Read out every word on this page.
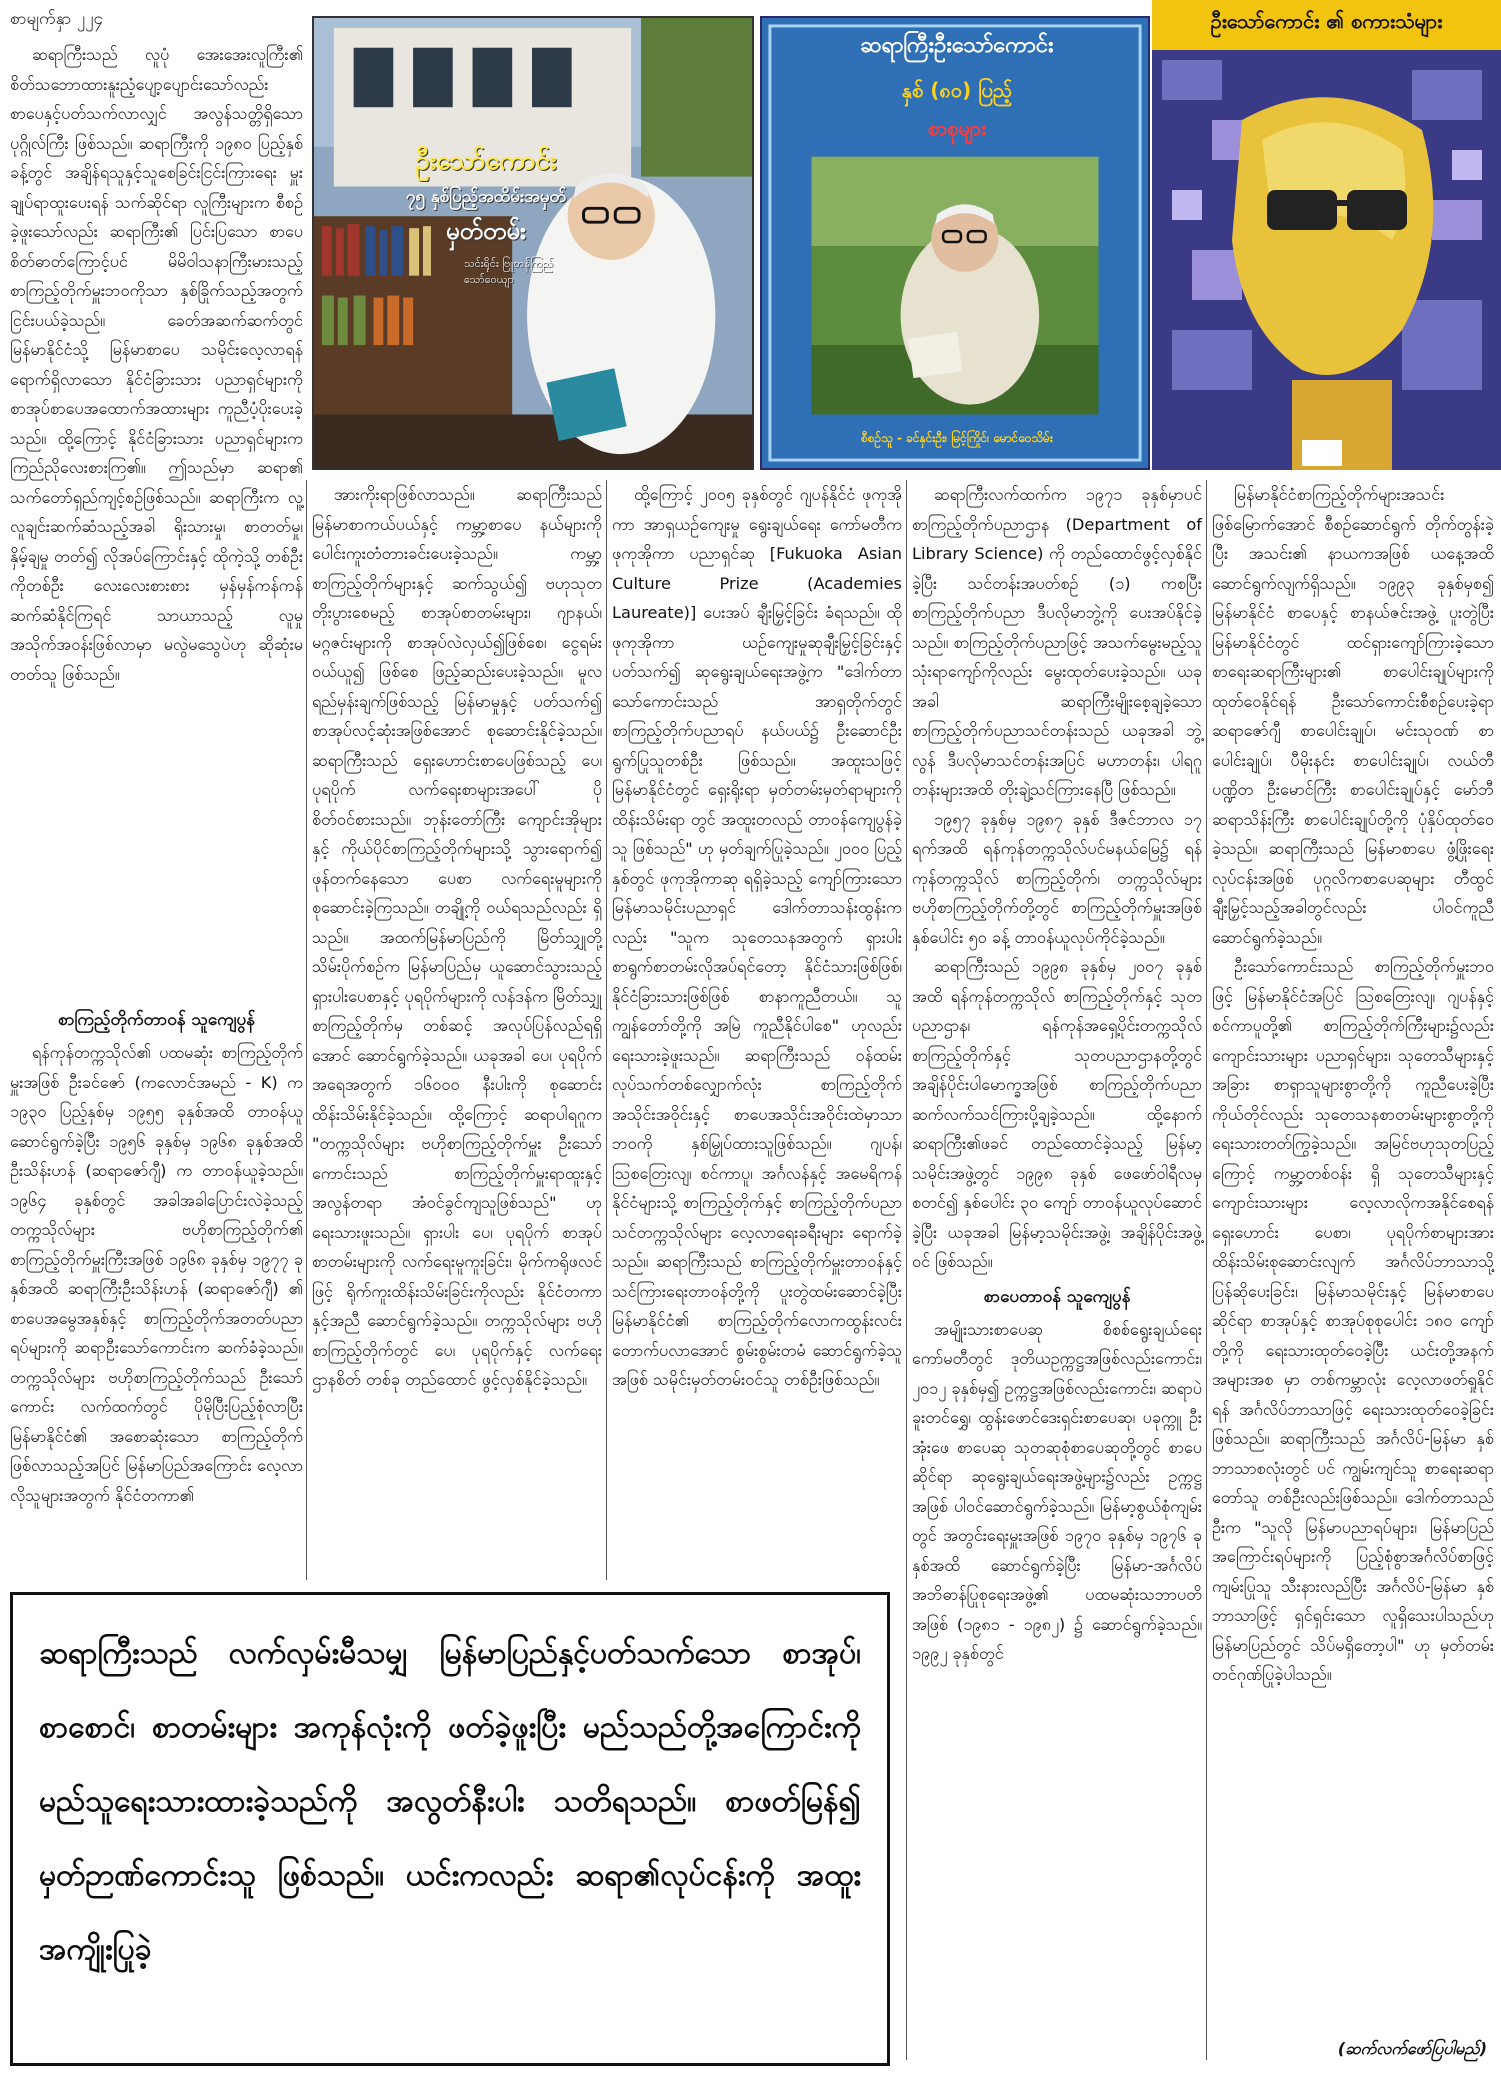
စာမျက်နှာ ၂၂၄
ဦးသော်ကောင်း
၇၅ နှစ်ပြည့်အထိမ်းအမှတ်
မှတ်တမ်း
သင်းရိုင်း ဗြူတန်ကြည် သော်ဝေယျာ
ဆရာကြီးဦးသော်ကောင်း
နှစ် (၈၀) ပြည့်
စာစုများ
စီစဉ်သူ - ခင်နှင်းဦး၊ မြင့်ကြိုင်၊ မောင်ဝေသိမ်း
ဦးသော်ကောင်း ၏ စကားသံများ

ဆရာကြီးသည် လူပုံ အေးအေးလူကြီး၏ စိတ်သဘောထားနူးညံ့ပျော့ပျောင်းသော်လည်း စာပေနှင့်ပတ်သက်လာလျှင် အလွန်သတ္တိရှိသော ပုဂ္ဂိုလ်ကြီး ဖြစ်သည်။ ဆရာကြီးကို ၁၉၈၀ ပြည့်နှစ်ခန့်တွင် အချိန်ရသူနှင့်သူစေခြင်းငြင်းကြားရေး မှူးချုပ်ရာထူးပေးရန် သက်ဆိုင်ရာ လူကြီးများက စီစဉ်ခဲ့ဖူးသော်လည်း ဆရာကြီး၏ ပြင်းပြသော စာပေစိတ်ဓာတ်ကြောင့်ပင် မိမိဝါသနာကြီးမားသည့် စာကြည့်တိုက်မှူးဘဝကိုသာ နှစ်ခြိုက်သည့်အတွက် ငြင်းပယ်ခဲ့သည်။ ခေတ်အဆက်ဆက်တွင် မြန်မာနိုင်ငံသို့ မြန်မာစာပေ သမိုင်းလေ့လာရန်ရောက်ရှိလာသော နိုင်ငံခြားသား ပညာရှင်များကို စာအုပ်စာပေအထောက်အထားများ ကူညီပံ့ပိုးပေးခဲ့သည်။ ထို့ကြောင့် နိုင်ငံခြားသား ပညာရှင်များက ကြည်ညိုလေးစားကြ၏။ ဤသည်မှာ ဆရာ၏ သက်တော်ရှည်ကျင့်စဉ်ဖြစ်သည်။ ဆရာကြီးက လူ့လူချင်းဆက်ဆံသည့်အခါ ရိုးသားမှု၊ စာတတ်မှု၊ နှိမ့်ချမှု တတ်၍ လိုအပ်ကြောင်းနှင့် ထိုကဲ့သို့ တစ်ဦးကိုတစ်ဦး လေးလေးစားစား မှန်မှန်ကန်ကန် ဆက်ဆံနိုင်ကြရင် သာယာသည့် လူမှု အသိုက်အဝန်းဖြစ်လာမှာ မလွဲမသွေပဲဟု ဆိုဆုံးမတတ်သူ ဖြစ်သည်။

စာကြည့်တိုက်တာဝန် သူကျေပွန်

ရန်ကုန်တက္ကသိုလ်၏ ပထမဆုံး စာကြည့်တိုက်မှူးအဖြစ် ဦးခင်ဇော် (ကလောင်အမည် - K) က ၁၉၃၀ ပြည့်နှစ်မှ ၁၉၅၅ ခုနှစ်အထိ တာဝန်ယူ ဆောင်ရွက်ခဲ့ပြီး ၁၉၅၆ ခုနှစ်မှ ၁၉၆၈ ခုနှစ်အထိ ဦးသိန်းဟန် (ဆရာဇော်ဂျီ) က တာဝန်ယူခဲ့သည်။ ၁၉၆၄ ခုနှစ်တွင် အခါအခါပြောင်းလဲခဲ့သည့် တက္ကသိုလ်များ ဗဟိုစာကြည့်တိုက်၏ စာကြည့်တိုက်မှူးကြီးအဖြစ် ၁၉၆၈ ခုနှစ်မှ ၁၉၇၇ ခုနှစ်အထိ ဆရာကြီးဦးသိန်းဟန် (ဆရာဇော်ဂျီ) ၏ စာပေအမွေအနှစ်နှင့် စာကြည့်တိုက်အတတ်ပညာရပ်များကို ဆရာဦးသော်ကောင်းက ဆက်ခံခဲ့သည်။ တက္ကသိုလ်များ ဗဟိုစာကြည့်တိုက်သည် ဦးသော်ကောင်း လက်ထက်တွင် ပိုမိုပြီးပြည့်စုံလာပြီး မြန်မာနိုင်ငံ၏ အစောဆုံးသော စာကြည့်တိုက်ဖြစ်လာသည့်အပြင် မြန်မာပြည်အကြောင်း လေ့လာလိုသူများအတွက် နိုင်ငံတကာ၏

အားကိုးရာဖြစ်လာသည်။ ဆရာကြီးသည် မြန်မာစာကယ်ပယ်နှင့် ကမ္ဘာ့စာပေ နယ်များကို ပေါင်းကူးတံတားခင်းပေးခဲ့သည်။ ကမ္ဘာ့စာကြည့်တိုက်များနှင့် ဆက်သွယ်၍ ဗဟုသုတတိုးပွားစေမည့် စာအုပ်စာတမ်းများ၊ ဂျာနယ်၊ မဂ္ဂဇင်းများကို စာအုပ်လဲလှယ်၍ဖြစ်စေ၊ ငွေရမ်းဝယ်ယူ၍ ဖြစ်စေ ဖြည့်ဆည်းပေးခဲ့သည်။ မူလ ရည်မှန်းချက်ဖြစ်သည့် မြန်မာမှုနှင့် ပတ်သက်၍ စာအုပ်လင့်ဆုံးအဖြစ်အောင် စုဆောင်းနိုင်ခဲ့သည်။ ဆရာကြီးသည် ရှေးဟောင်းစာပေဖြစ်သည့် ပေ၊ ပုရပိုက် လက်ရေးစာများအပေါ် ပိုစိတ်ဝင်စားသည်။ ဘုန်းတော်ကြီး ကျောင်းအိုများ နှင့် ကိုယ်ပိုင်စာကြည့်တိုက်များသို့ သွားရောက်၍ ဖုန်တက်နေသော ပေစာ လက်ရေးမူများကို စုဆောင်းခဲ့ကြသည်။ တချို့ကို ဝယ်ရသည်လည်း ရှိသည်။ အထက်မြန်မာပြည်ကို မြိတ်သျှုတို့ သိမ်းပိုက်စဉ်က မြန်မာပြည်မှ ယူဆောင်သွားသည့် ရှားပါးပေစာနှင့် ပုရပိုက်များကို လန်ဒန်က မြိတ်သျှုစာကြည့်တိုက်မှ တစ်ဆင့် အလုပ်ပြန်လည်ရရှိအောင် ဆောင်ရွက်ခဲ့သည်။ ယခုအခါ ပေ၊ ပုရပိုက် အရေအတွက် ၁၆၀၀၀ နီးပါးကို စုဆောင်းထိန်းသိမ်းနိုင်ခဲ့သည်။ ထို့ကြောင့် ဆရာပါရဂူက "တက္ကသိုလ်များ ဗဟိုစာကြည့်တိုက်မှူး ဦးသော်ကောင်းသည် စာကြည့်တိုက်မှူးရာထူးနှင့် အလွန်တရာ အံဝင်ခွင်ကျသူဖြစ်သည်" ဟု ရေးသားဖူးသည်။ ရှားပါး ပေ၊ ပုရပိုက် စာအုပ်စာတမ်းများကို လက်ရေးမူကူးခြင်း၊ မိုက်ကရိုဖလင်ဖြင့် ရိုက်ကူးထိန်းသိမ်းခြင်းကိုလည်း နိုင်ငံတကာနှင့်အညီ ဆောင်ရွက်ခဲ့သည်။ တက္ကသိုလ်များ ဗဟိုစာကြည့်တိုက်တွင် ပေ၊ ပုရပိုက်နှင့် လက်ရေးဌာနစိတ် တစ်ခု တည်ထောင် ဖွင့်လှစ်နိုင်ခဲ့သည်။

ထို့ကြောင့် ၂၀၀၅ ခုနှစ်တွင် ဂျပန်နိုင်ငံ ဖုကုအိုကာ အာရှယဉ်ကျေးမှု ရွေးချယ်ရေး ကော်မတီက ဖုကုအိုကာ ပညာရှင်ဆု [Fukuoka Asian Culture Prize (Academies Laureate)] ပေးအပ် ချီးမြှင့်ခြင်း ခံရသည်။ ထိုဖုကုအိုကာ ယဉ်ကျေးမှုဆုချီးမြှင့်ခြင်းနှင့် ပတ်သက်၍ ဆုရွေးချယ်ရေးအဖွဲ့က "ဒေါက်တာ သော်ကောင်းသည် အာရှတိုက်တွင် စာကြည့်တိုက်ပညာရပ် နယ်ပယ်၌ ဦးဆောင်ဦးရွက်ပြုသူတစ်ဦး ဖြစ်သည်။ အထူးသဖြင့် မြန်မာနိုင်ငံတွင် ရှေးရိုးရာ မှတ်တမ်းမှတ်ရာများကို ထိန်းသိမ်းရာ တွင် အထူးတလည် တာဝန်ကျေပွန်ခဲ့သူ ဖြစ်သည်" ဟု မှတ်ချက်ပြုခဲ့သည်။ ၂၀၀၀ ပြည့်နှစ်တွင် ဖုကုအိုကာဆု ရရှိခဲ့သည့် ကျော်ကြားသော မြန်မာသမိုင်းပညာရှင် ဒေါက်တာသန်းထွန်းကလည်း "သူက သုတေသနအတွက် ရှားပါးစာရွက်စာတမ်းလိုအပ်ရင်တော့ နိုင်ငံသားဖြစ်ဖြစ်၊ နိုင်ငံခြားသားဖြစ်ဖြစ် စာနာကူညီတယ်။ သူ ကျွန်တော်တို့ကို အမြဲ ကူညီနိုင်ပါစေ" ဟုလည်း ရေးသားခဲ့ဖူးသည်။ ဆရာကြီးသည် ဝန်ထမ်းလုပ်သက်တစ်လျှောက်လုံး စာကြည့်တိုက်အသိုင်းအဝိုင်းနှင့် စာပေအသိုင်းအဝိုင်းထဲမှာသာ ဘဝကို နှစ်မြှုပ်ထားသူဖြစ်သည်။ ဂျပန်၊ ဩစတြေးလျ၊ စင်ကာပူ၊ အင်္ဂလန်နှင့် အမေရိကန်နိုင်ငံများသို့ စာကြည့်တိုက်နှင့် စာကြည့်တိုက်ပညာသင်တက္ကသိုလ်များ လေ့လာရေးခရီးများ ရောက်ခဲ့သည်။ ဆရာကြီးသည် စာကြည့်တိုက်မှူးတာဝန်နှင့် သင်ကြားရေးတာဝန်တို့ကို ပူးတွဲထမ်းဆောင်ခဲ့ပြီး မြန်မာနိုင်ငံ၏ စာကြည့်တိုက်လောကထွန်းလင်းတောက်ပလာအောင် စွမ်းစွမ်းတမံ ဆောင်ရွက်ခဲ့သူအဖြစ် သမိုင်းမှတ်တမ်းဝင်သူ တစ်ဦးဖြစ်သည်။

ဆရာကြီးလက်ထက်က ၁၉၇၁ ခုနှစ်မှာပင် စာကြည့်တိုက်ပညာဌာန (Department of Library Science) ကို တည်ထောင်ဖွင့်လှစ်နိုင်ခဲ့ပြီး သင်တန်းအပတ်စဉ် (၁) ကစပြီး စာကြည့်တိုက်ပညာ ဒီပလိုမာဘွဲ့ကို ပေးအပ်နိုင်ခဲ့သည်။ စာကြည့်တိုက်ပညာဖြင့် အသက်မွေးမည့်သူ သုံးရာကျော်ကိုလည်း မွေးထုတ်ပေးခဲ့သည်။ ယခုအခါ ဆရာကြီးမျိုးစေ့ချခဲ့သော စာကြည့်တိုက်ပညာသင်တန်းသည် ယခုအခါ ဘွဲ့လွန် ဒီပလိုမာသင်တန်းအပြင် မဟာတန်း၊ ပါရဂူတန်းများအထိ တိုးချဲ့သင်ကြားနေပြီ ဖြစ်သည်။

၁၉၅၇ ခုနှစ်မှ ၁၉၈၇ ခုနှစ် ဒီဇင်ဘာလ ၁၇ ရက်အထိ ရန်ကုန်တက္ကသိုလ်ပင်မနယ်မြေ၌ ရန်ကုန်တက္ကသိုလ် စာကြည့်တိုက်၊ တက္ကသိုလ်များ ဗဟိုစာကြည့်တိုက်တို့တွင် စာကြည့်တိုက်မှူးအဖြစ် နှစ်ပေါင်း ၅၀ ခန့် တာဝန်ယူလုပ်ကိုင်ခဲ့သည်။

ဆရာကြီးသည် ၁၉၉၈ ခုနှစ်မှ ၂၀၀၇ ခုနှစ်အထိ ရန်ကုန်တက္ကသိုလ် စာကြည့်တိုက်နှင့် သုတပညာဌာန၊ ရန်ကုန်အရှေ့ပိုင်းတက္ကသိုလ် စာကြည့်တိုက်နှင့် သုတပညာဌာနတို့တွင် အချိန်ပိုင်းပါမောက္ခအဖြစ် စာကြည့်တိုက်ပညာ ဆက်လက်သင်ကြားပို့ချခဲ့သည်။ ထို့နောက် ဆရာကြီး၏ဖခင် တည်ထောင်ခဲ့သည့် မြန်မာ့သမိုင်းအဖွဲ့တွင် ၁၉၉၈ ခုနှစ် ဖေဖော်ဝါရီလမှစတင်၍ နှစ်ပေါင်း ၃၀ ကျော် တာဝန်ယူလုပ်ဆောင်ခဲ့ပြီး ယခုအခါ မြန်မာ့သမိုင်းအဖွဲ့၊ အချိန်ပိုင်းအဖွဲ့ဝင် ဖြစ်သည်။

စာပေတာဝန် သူကျေပွန်

အမျိုးသားစာပေဆု စိစစ်ရွေးချယ်ရေးကော်မတီတွင် ဒုတိယဥက္ကဋ္ဌအဖြစ်လည်းကောင်း၊ ၂၀၁၂ ခုနှစ်မှ၍ ဥက္ကဋ္ဌအဖြစ်လည်းကောင်း၊ ဆရာပဲခူးတင်ရွှေ၊ ထွန်းဖောင်ဒေးရှင်းစာပေဆု၊ ပခုက္ကူ ဦးအုံးဖေ စာပေဆု သုတဆုစုံစာပေဆုတို့တွင် စာပေဆိုင်ရာ ဆုရွေးချယ်ရေးအဖွဲ့များ၌လည်း ဥက္ကဋ္ဌအဖြစ် ပါဝင်ဆောင်ရွက်ခဲ့သည်။ မြန်မာ့စွယ်စုံကျမ်းတွင် အတွင်းရေးမှူးအဖြစ် ၁၉၇၀ ခုနှစ်မှ ၁၉၇၆ ခုနှစ်အထိ ဆောင်ရွက်ခဲ့ပြီး မြန်မာ-အင်္ဂလိပ်အဘိဓာန်ပြုစုရေးအဖွဲ့၏ ပထမဆုံးသဘာပတိအဖြစ် (၁၉၈၁ - ၁၉၈၂) ၌ ဆောင်ရွက်ခဲ့သည်။ ၁၉၉၂ ခုနှစ်တွင်

မြန်မာနိုင်ငံစာကြည့်တိုက်များအသင်း ဖြစ်မြောက်အောင် စီစဉ်ဆောင်ရွက် တိုက်တွန်းခဲ့ပြီး အသင်း၏ နာယကအဖြစ် ယနေ့အထိ ဆောင်ရွက်လျက်ရှိသည်။ ၁၉၉၃ ခုနှစ်မှစ၍ မြန်မာနိုင်ငံ စာပေနှင့် စာနယ်ဇင်းအဖွဲ့ ပူးတွဲပြီး မြန်မာနိုင်ငံတွင် ထင်ရှားကျော်ကြားခဲ့သော စာရေးဆရာကြီးများ၏ စာပေါင်းချုပ်များကို ထုတ်ဝေနိုင်ရန် ဦးသော်ကောင်းစီစဉ်ပေးခဲ့ရာ ဆရာဇော်ဂျီ စာပေါင်းချုပ်၊ မင်းသုဝဏ် စာပေါင်းချုပ်၊ ပီမိုးနင်း စာပေါင်းချုပ်၊ လယ်တီပဏ္ဍိတ ဦးမောင်ကြီး စာပေါင်းချုပ်နှင့် မော်ဘီဆရာသိန်းကြီး စာပေါင်းချုပ်တို့ကို ပုံနှိပ်ထုတ်ဝေခဲ့သည်။ ဆရာကြီးသည် မြန်မာစာပေ ဖွံ့ဖြိုးရေးလုပ်ငန်းအဖြစ် ပုဂ္ဂလိကစာပေဆုများ တီထွင်ချီးမြှင့်သည့်အခါတွင်လည်း ပါဝင်ကူညီဆောင်ရွက်ခဲ့သည်။

ဦးသော်ကောင်းသည် စာကြည့်တိုက်မှူးဘဝဖြင့် မြန်မာနိုင်ငံအပြင် ဩစတြေးလျ၊ ဂျပန်နှင့် စင်ကာပူတို့၏ စာကြည့်တိုက်ကြီးများ၌လည်း ကျောင်းသားများ ပညာရှင်များ၊ သုတေသီများနှင့် အခြား စာရှာသူများစွာတို့ကို ကူညီပေးခဲ့ပြီး ကိုယ်တိုင်လည်း သုတေသနစာတမ်းများစွာတို့ကို ရေးသားတတ်ကြွခဲ့သည်။ အမြင်ဗဟုသုတပြည့်ကြောင့် ကမ္ဘာ့တစ်ဝန်း ရှိ သုတေသီများနှင့် ကျောင်းသားများ လေ့လာလိုကအနိုင်စေရန် ရှေးဟောင်း ပေစာ၊ ပုရပိုက်စာများအား ထိန်းသိမ်းစုဆောင်းလျက် အင်္ဂလိပ်ဘာသာသို့ ပြန်ဆိုပေးခြင်း၊ မြန်မာသမိုင်းနှင့် မြန်မာစာပေဆိုင်ရာ စာအုပ်နှင့် စာအုပ်စုစုပေါင်း ၁၈၀ ကျော်တို့ကို ရေးသားထုတ်ဝေခဲ့ပြီး ယင်းတို့အနက် အများအစ မှာ တစ်ကမ္ဘာလုံး လေ့လာဖတ်ရှုနိုင်ရန် အင်္ဂလိပ်ဘာသာဖြင့် ရေးသားထုတ်ဝေခဲ့ခြင်း ဖြစ်သည်။ ဆရာကြီးသည် အင်္ဂလိပ်-မြန်မာ နှစ်ဘာသာစလုံးတွင် ပင် ကျွမ်းကျင်သူ စာရေးဆရာတော်သူ တစ်ဦးလည်းဖြစ်သည်။ ဒေါက်တာသည်ဦးက "သူလို မြန်မာပညာရပ်များ၊ မြန်မာပြည်အကြောင်းရပ်များကို ပြည့်စုံစွာအင်္ဂလိပ်စာဖြင့်ကျမ်းပြုသူ သီးနားလည်ပြီး အင်္ဂလိပ်-မြန်မာ နှစ်ဘာသာဖြင့် ရှင်ရှင်းသော လူရှိသေးပါသည်ဟု မြန်မာပြည်တွင် သိပ်မရှိတော့ပါ" ဟု မှတ်တမ်းတင်ဂုဏ်ပြုခဲ့ပါသည်။

ဆရာကြီးသည် လက်လှမ်းမီသမျှ မြန်မာပြည်နှင့်ပတ်သက်သော စာအုပ်၊ စာစောင်၊ စာတမ်းများ အကုန်လုံးကို ဖတ်ခဲ့ဖူးပြီး မည်သည်တို့အကြောင်းကို မည်သူရေးသားထားခဲ့သည်ကို အလွတ်နီးပါး သတိရသည်။ စာဖတ်မြန်၍ မှတ်ဉာဏ်ကောင်းသူ ဖြစ်သည်။ ယင်းကလည်း ဆရာ၏လုပ်ငန်းကို အထူးအကျိုးပြုခဲ့
(ဆက်လက်ဖော်ပြပါမည်)
